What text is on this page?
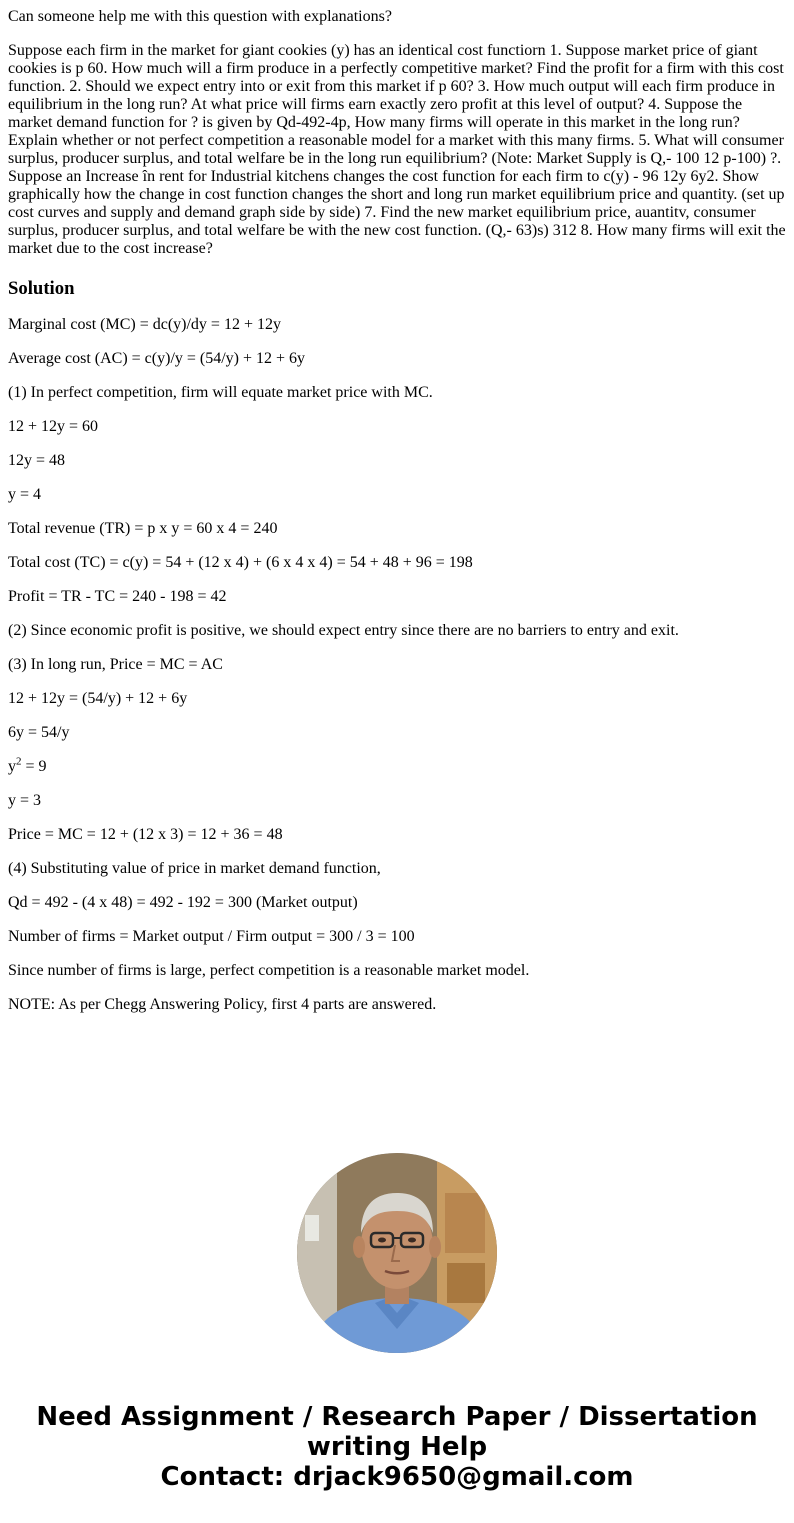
Can someone help me with this question with explanations?

Suppose each firm in the market for giant cookies (y) has an identical cost functiorn 1. Suppose market price of giant cookies is p 60. How much will a firm produce in a perfectly competitive market? Find the profit for a firm with this cost function. 2. Should we expect entry into or exit from this market if p 60? 3. How much output will each firm produce in equilibrium in the long run? At what price will firms earn exactly zero profit at this level of output? 4. Suppose the market demand function for ? is given by Qd-492-4p, How many firms will operate in this market in the long run? Explain whether or not perfect competition a reasonable model for a market with this many firms. 5. What will consumer surplus, producer surplus, and total welfare be in the long run equilibrium? (Note: Market Supply is Q,- 100 12 p-100) ?. Suppose an Increase în rent for Industrial kitchens changes the cost function for each firm to c(y) - 96 12y 6y2. Show graphically how the change in cost function changes the short and long run market equilibrium price and quantity. (set up cost curves and supply and demand graph side by side) 7. Find the new market equilibrium price, auantitv, consumer surplus, producer surplus, and total welfare be with the new cost function. (Q,- 63)s) 312 8. How many firms will exit the market due to the cost increase?

Solution

Marginal cost (MC) = dc(y)/dy = 12 + 12y

Average cost (AC) = c(y)/y = (54/y) + 12 + 6y

(1) In perfect competition, firm will equate market price with MC.

12 + 12y = 60

12y = 48

y = 4

Total revenue (TR) = p x y = 60 x 4 = 240

Total cost (TC) = c(y) = 54 + (12 x 4) + (6 x 4 x 4) = 54 + 48 + 96 = 198

Profit = TR - TC = 240 - 198 = 42

(2) Since economic profit is positive, we should expect entry since there are no barriers to entry and exit.

(3) In long run, Price = MC = AC

12 + 12y = (54/y) + 12 + 6y

6y = 54/y

$y^2 = 9$

y = 3

Price = MC = 12 + (12 x 3) = 12 + 36 = 48

(4) Substituting value of price in market demand function,

Qd = 492 - (4 x 48) = 492 - 192 = 300 (Market output)

Number of firms = Market output / Firm output = 300 / 3 = 100

Since number of firms is large, perfect competition is a reasonable market model.

NOTE: As per Chegg Answering Policy, first 4 parts are answered.

Need Assignment / Research Paper / Dissertation
writing Help
Contact: drjack9650@gmail.com
